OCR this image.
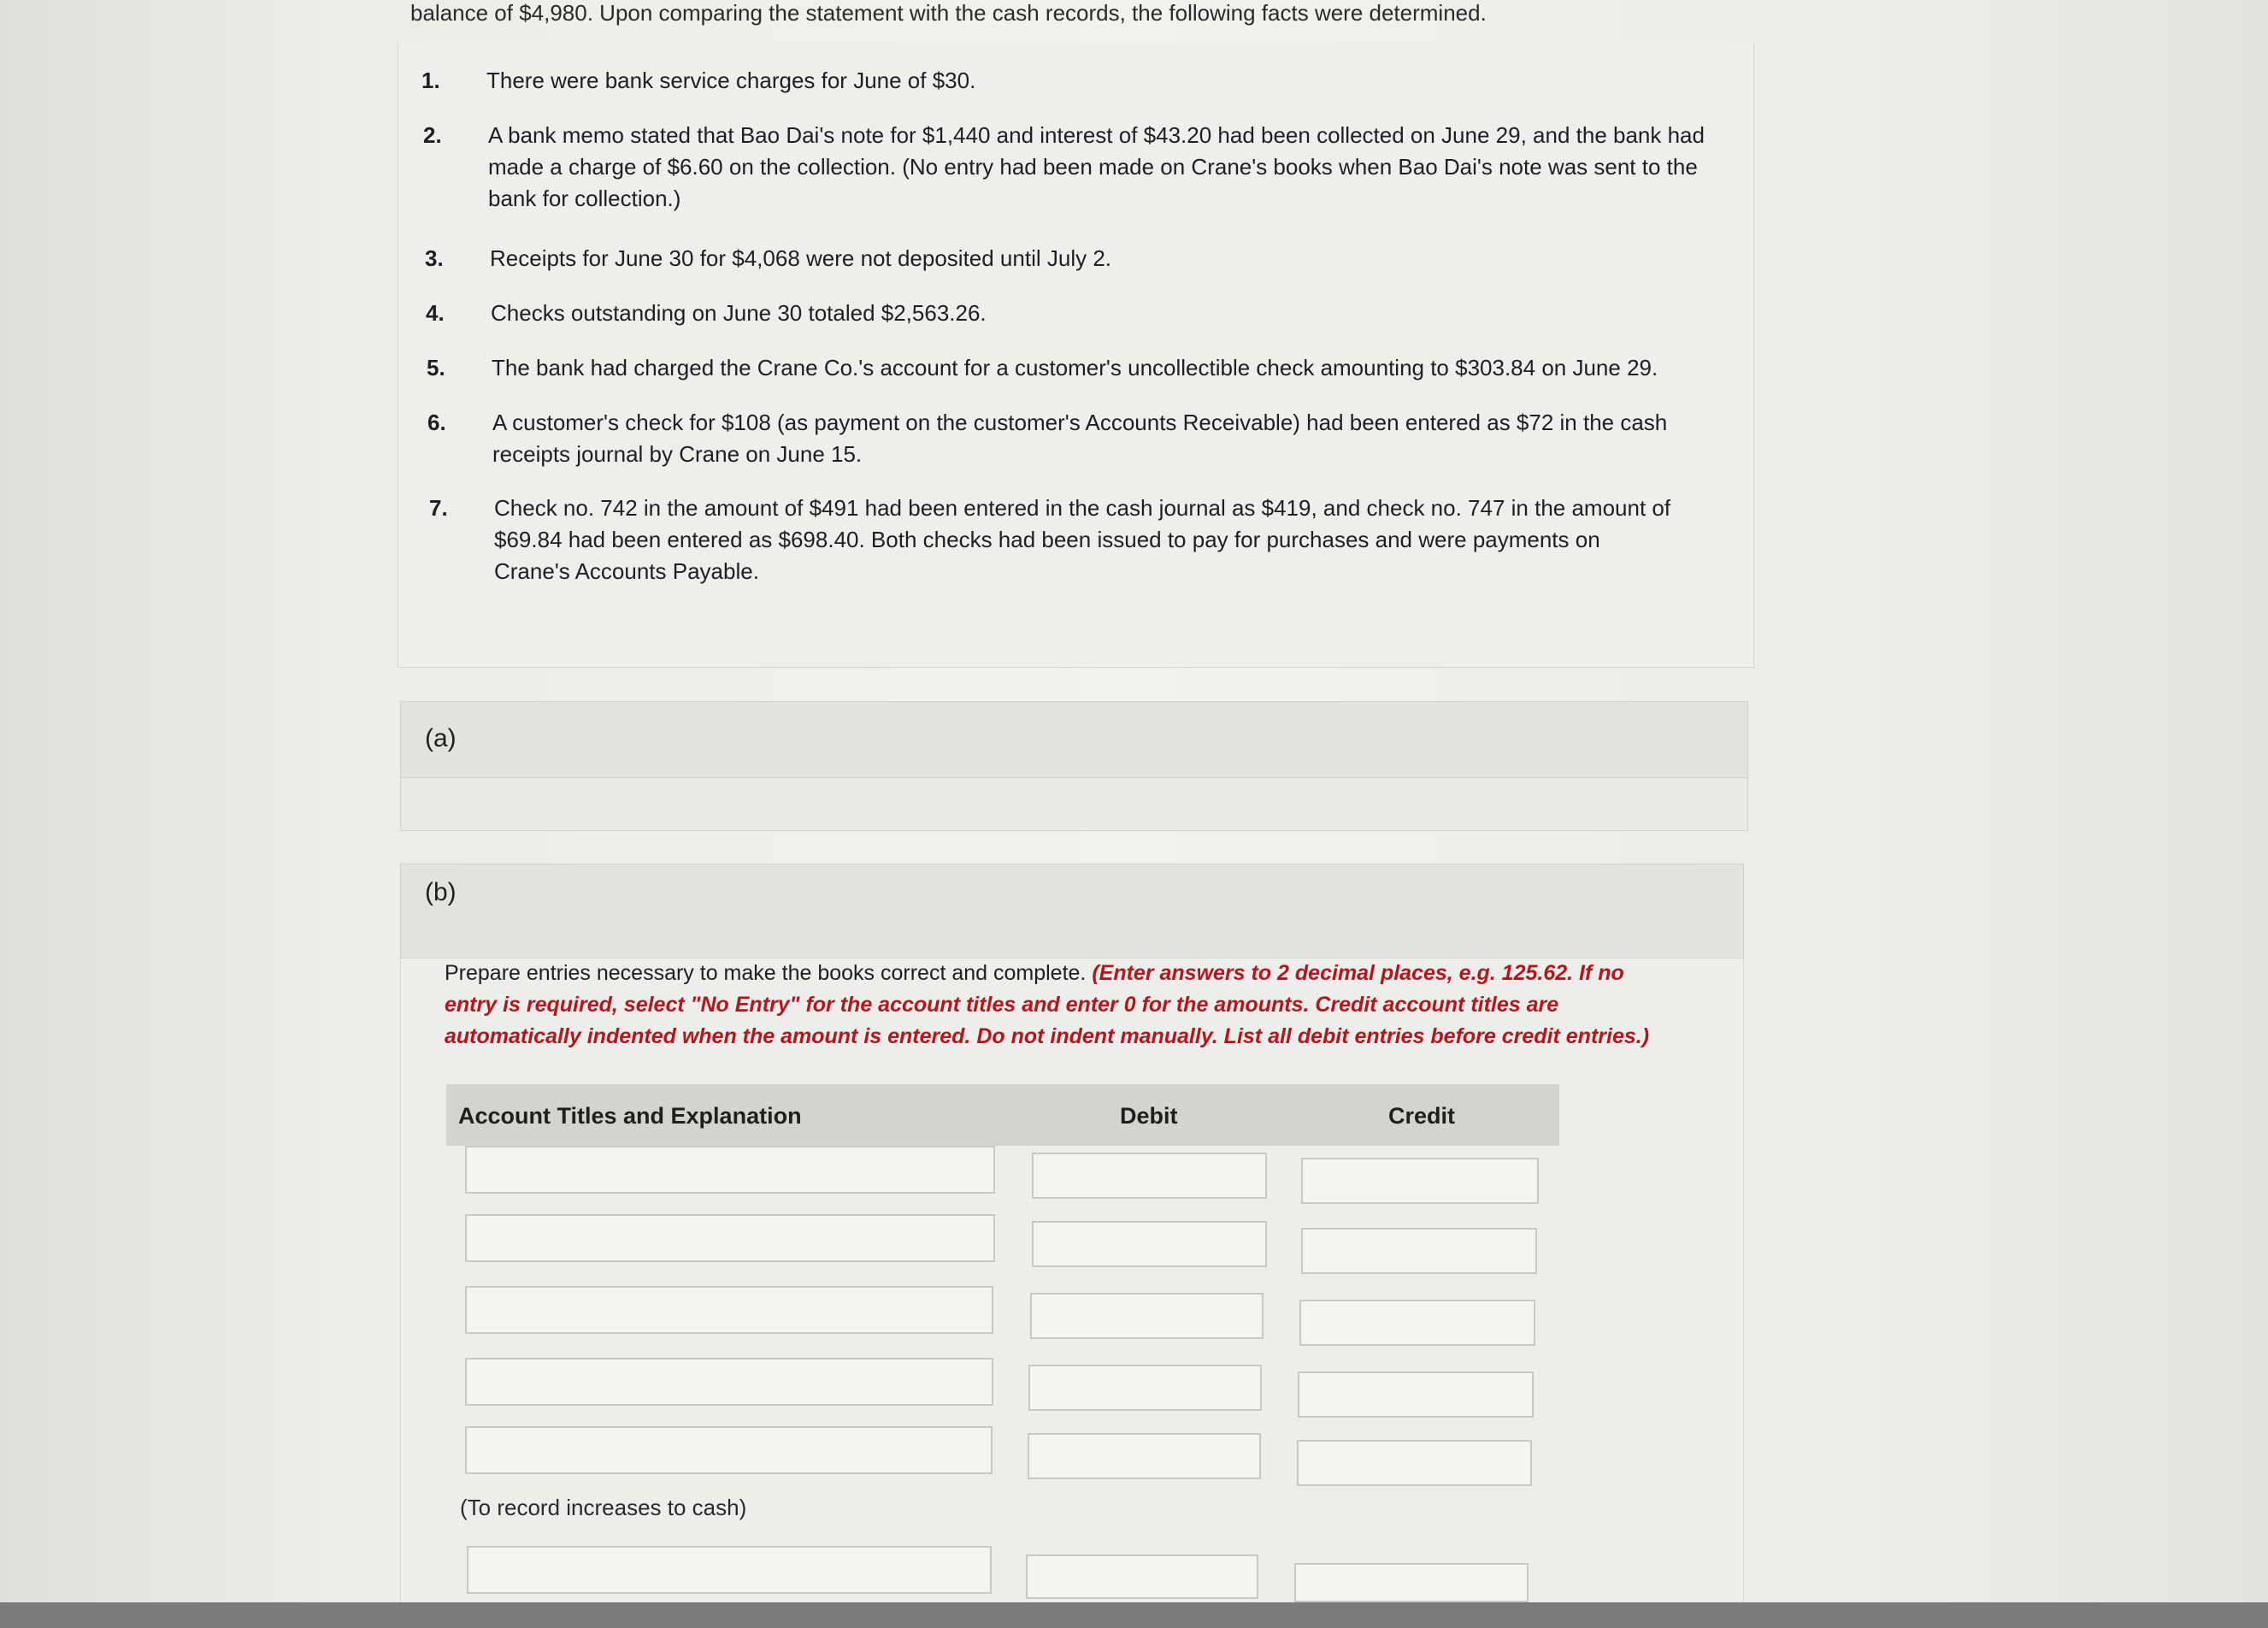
balance of $4,980. Upon comparing the statement with the cash records, the following facts were determined.
1. There were bank service charges for June of $30.
2. A bank memo stated that Bao Dai's note for $1,440 and interest of $43.20 had been collected on June 29, and the bank had made a charge of $6.60 on the collection. (No entry had been made on Crane's books when Bao Dai's note was sent to the bank for collection.)
3. Receipts for June 30 for $4,068 were not deposited until July 2.
4. Checks outstanding on June 30 totaled $2,563.26.
5. The bank had charged the Crane Co.'s account for a customer's uncollectible check amounting to $303.84 on June 29.
6. A customer's check for $108 (as payment on the customer's Accounts Receivable) had been entered as $72 in the cash receipts journal by Crane on June 15.
7. Check no. 742 in the amount of $491 had been entered in the cash journal as $419, and check no. 747 in the amount of $69.84 had been entered as $698.40. Both checks had been issued to pay for purchases and were payments on Crane's Accounts Payable.
(a)
(b)
Prepare entries necessary to make the books correct and complete. (Enter answers to 2 decimal places, e.g. 125.62. If no entry is required, select "No Entry" for the account titles and enter 0 for the amounts. Credit account titles are automatically indented when the amount is entered. Do not indent manually. List all debit entries before credit entries.)
Account Titles and Explanation	Debit	Credit
(To record increases to cash)
